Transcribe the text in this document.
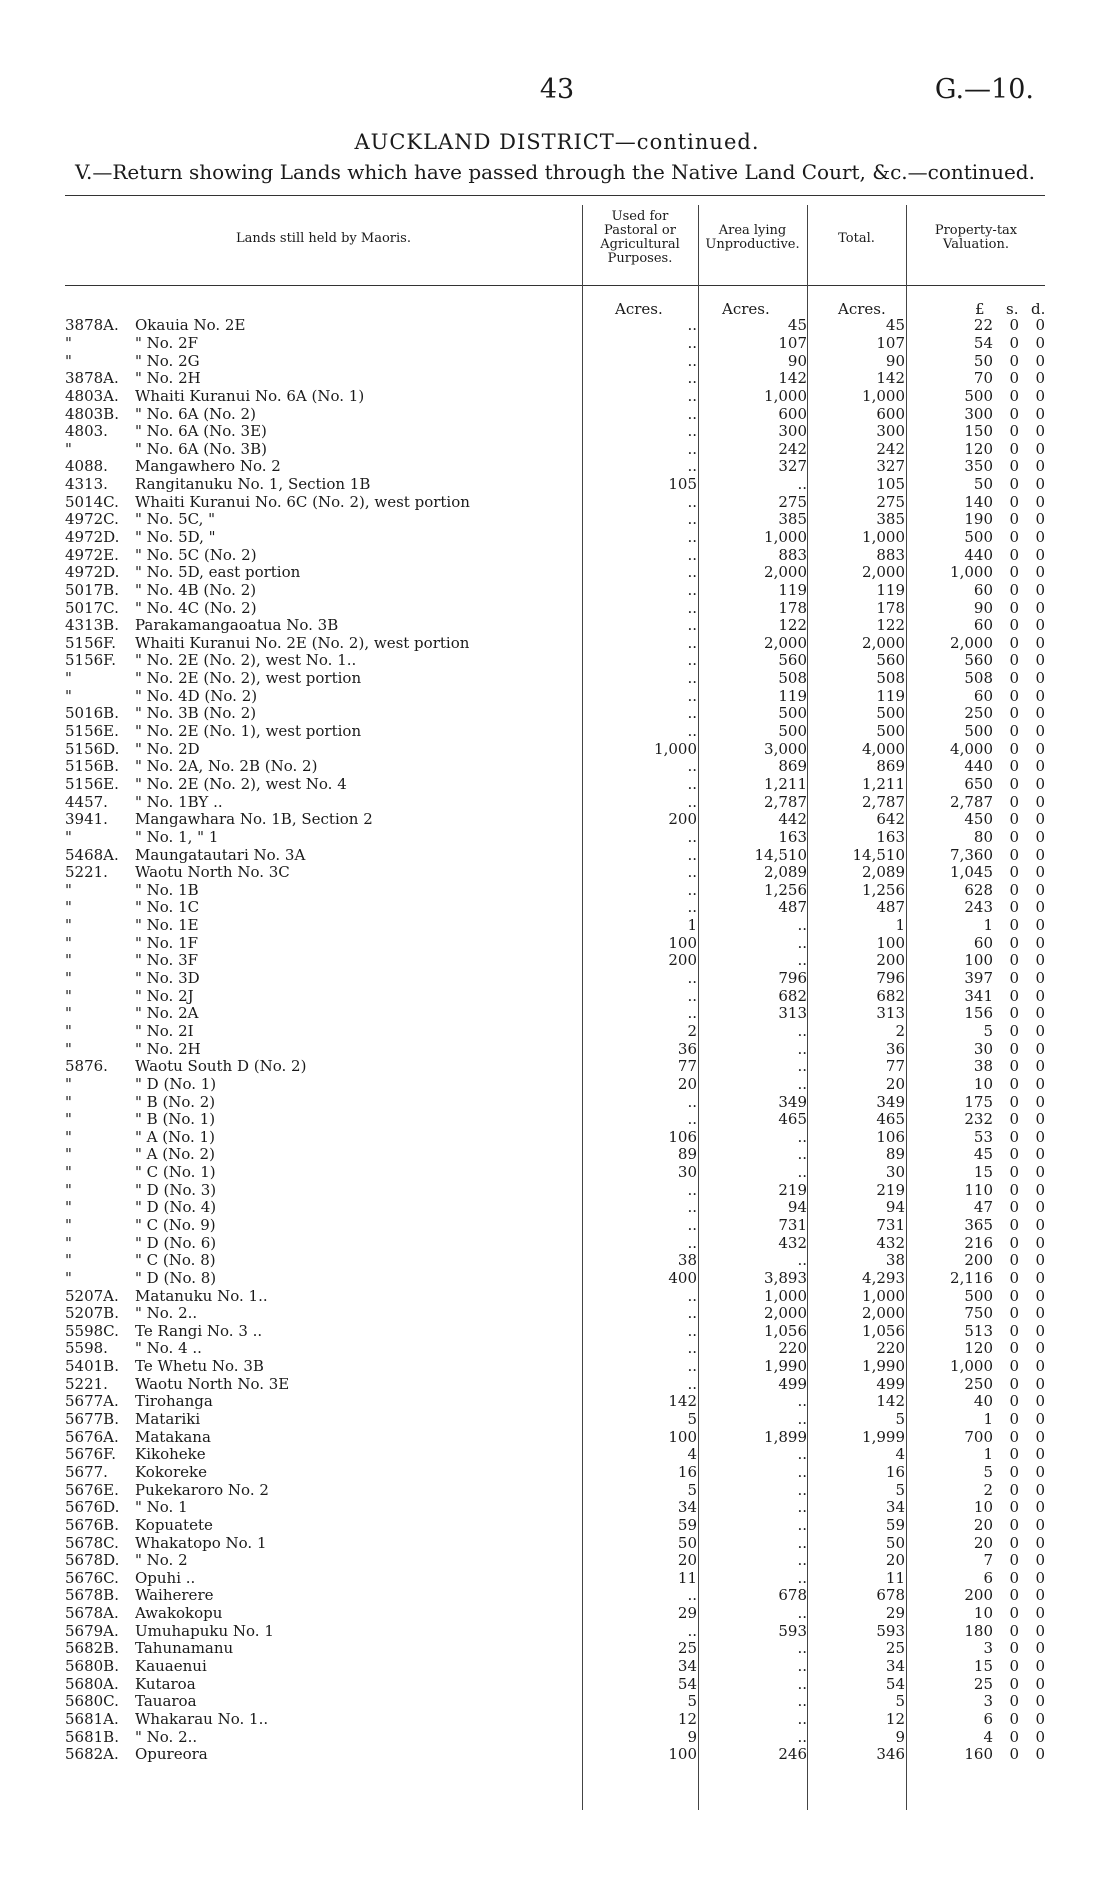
43	G.—10.
AUCKLAND DISTRICT—continued.
V.—Return showing Lands which have passed through the Native Land Court, &c.—continued.
Lands still held by Maoris.
Used for Pastoral or Agricultural Purposes.
Area lying Unproductive.	Total.
Property-tax Valuation.
Acres.	Acres.	Acres.	£ s. d.
3878A.	Okauia No. 2E	..	45	45	22 0 0
"	" No. 2F	..	107	107	54 0 0
"	" No. 2G	..	90	90	50 0 0
3878A.	" No. 2H	..	142	142	70 0 0
4803A.	Whaiti Kuranui No. 6A (No. 1)	..	1,000	1,000	500 0 0
4803B.	" No. 6A (No. 2)	..	600	600	300 0 0
4803.	" No. 6A (No. 3E)	..	300	300	150 0 0
"	" No. 6A (No. 3B)	..	242	242	120 0 0
4088.	Mangawhero No. 2	..	327	327	350 0 0
4313.	Rangitanuku No. 1, Section 1B	105	..	105	50 0 0
5014C.	Whaiti Kuranui No. 6C (No. 2), west portion	..	275	275	140 0 0
4972C.	" No. 5C, "	..	385	385	190 0 0
4972D.	" No. 5D, "	..	1,000	1,000	500 0 0
4972E.	" No. 5C (No. 2)	..	883	883	440 0 0
4972D.	" No. 5D, east portion	..	2,000	2,000	1,000 0 0
5017B.	" No. 4B (No. 2)	..	119	119	60 0 0
5017C.	" No. 4C (No. 2)	..	178	178	90 0 0
4313B.	Parakamangaoatua No. 3B	..	122	122	60 0 0
5156F.	Whaiti Kuranui No. 2E (No. 2), west portion	..	2,000	2,000	2,000 0 0
5156F.	" No. 2E (No. 2), west No. 1..	..	560	560	560 0 0
"	" No. 2E (No. 2), west portion	..	508	508	508 0 0
"	" No. 4D (No. 2)	..	119	119	60 0 0
5016B.	" No. 3B (No. 2)	..	500	500	250 0 0
5156E.	" No. 2E (No. 1), west portion	..	500	500	500 0 0
5156D.	" No. 2D	1,000	3,000	4,000	4,000 0 0
5156B.	" No. 2A, No. 2B (No. 2)	..	869	869	440 0 0
5156E.	" No. 2E (No. 2), west No. 4	..	1,211	1,211	650 0 0
4457.	" No. 1BY ..	..	2,787	2,787	2,787 0 0
3941.	Mangawhara No. 1B, Section 2	200	442	642	450 0 0
"	" No. 1, " 1	..	163	163	80 0 0
5468A.	Maungatautari No. 3A	..	14,510	14,510	7,360 0 0
5221.	Waotu North No. 3C	..	2,089	2,089	1,045 0 0
"	" No. 1B	..	1,256	1,256	628 0 0
"	" No. 1C	..	487	487	243 0 0
"	" No. 1E	1	..	1	1 0 0
"	" No. 1F	100	..	100	60 0 0
"	" No. 3F	200	..	200	100 0 0
"	" No. 3D	..	796	796	397 0 0
"	" No. 2J	..	682	682	341 0 0
"	" No. 2A	..	313	313	156 0 0
"	" No. 2I	2	..	2	5 0 0
"	" No. 2H	36	..	36	30 0 0
5876.	Waotu South D (No. 2)	77	..	77	38 0 0
"	" D (No. 1)	20	..	20	10 0 0
"	" B (No. 2)	..	349	349	175 0 0
"	" B (No. 1)	..	465	465	232 0 0
"	" A (No. 1)	106	..	106	53 0 0
"	" A (No. 2)	89	..	89	45 0 0
"	" C (No. 1)	30	..	30	15 0 0
"	" D (No. 3)	..	219	219	110 0 0
"	" D (No. 4)	..	94	94	47 0 0
"	" C (No. 9)	..	731	731	365 0 0
"	" D (No. 6)	..	432	432	216 0 0
"	" C (No. 8)	38	..	38	200 0 0
"	" D (No. 8)	400	3,893	4,293	2,116 0 0
5207A.	Matanuku No. 1..	..	1,000	1,000	500 0 0
5207B.	" No. 2..	..	2,000	2,000	750 0 0
5598C.	Te Rangi No. 3 ..	..	1,056	1,056	513 0 0
5598.	" No. 4 ..	..	220	220	120 0 0
5401B.	Te Whetu No. 3B	..	1,990	1,990	1,000 0 0
5221.	Waotu North No. 3E	..	499	499	250 0 0
5677A.	Tirohanga	142	..	142	40 0 0
5677B.	Matariki	5	..	5	1 0 0
5676A.	Matakana	100	1,899	1,999	700 0 0
5676F.	Kikoheke	4	..	4	1 0 0
5677.	Kokoreke	16	..	16	5 0 0
5676E.	Pukekaroro No. 2	5	..	5	2 0 0
5676D.	" No. 1	34	..	34	10 0 0
5676B.	Kopuatete	59	..	59	20 0 0
5678C.	Whakatopo No. 1	50	..	50	20 0 0
5678D.	" No. 2	20	..	20	7 0 0
5676C.	Opuhi ..	11	..	11	6 0 0
5678B.	Waiherere	..	678	678	200 0 0
5678A.	Awakokopu	29	..	29	10 0 0
5679A.	Umuhapuku No. 1	..	593	593	180 0 0
5682B.	Tahunamanu	25	..	25	3 0 0
5680B.	Kauaenui	34	..	34	15 0 0
5680A.	Kutaroa	54	..	54	25 0 0
5680C.	Tauaroa	5	..	5	3 0 0
5681A.	Whakarau No. 1..	12	..	12	6 0 0
5681B.	" No. 2..	9	..	9	4 0 0
5682A.	Opureora	100	246	346	160 0 0
